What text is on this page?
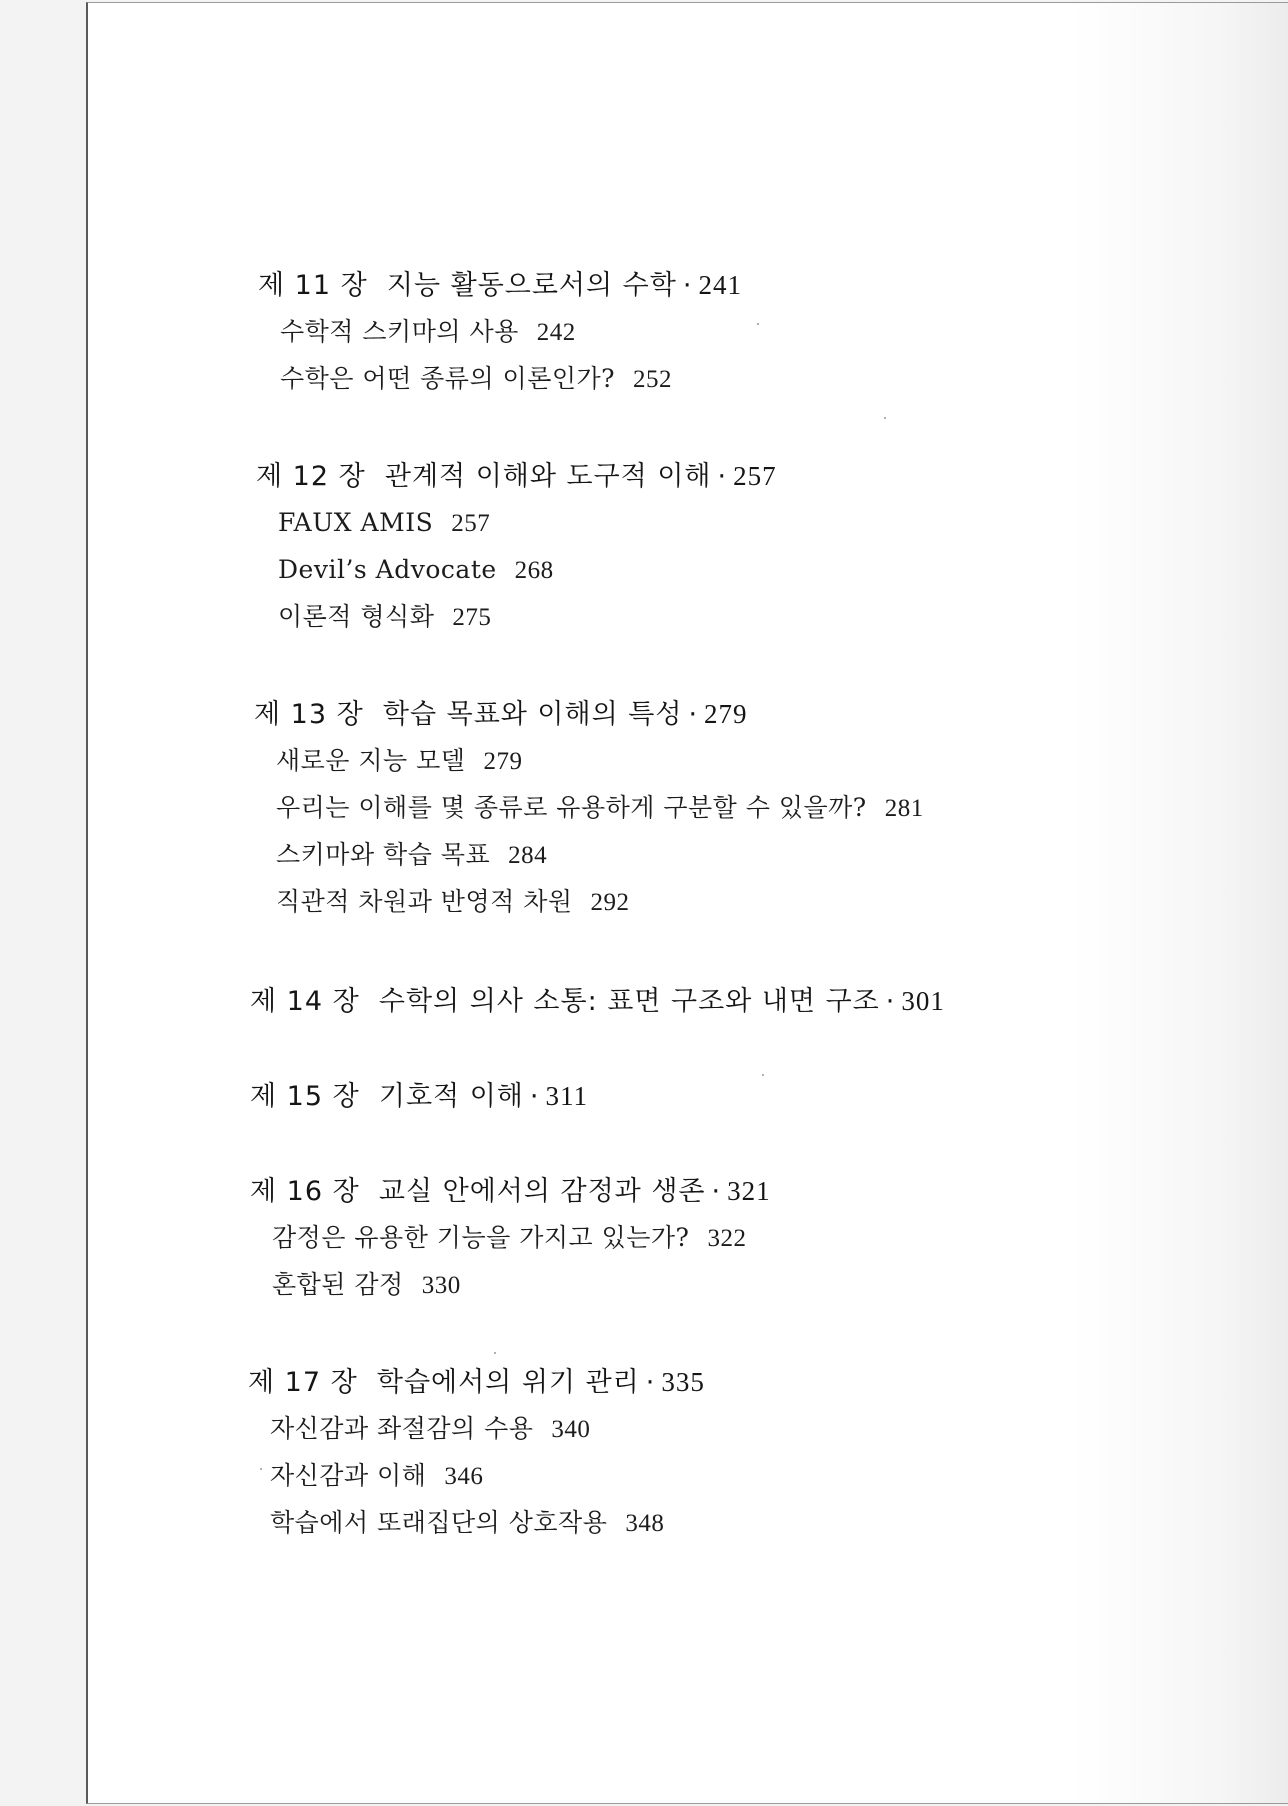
제 11 장 지능 활동으로서의 수학 · 241
수학적 스키마의 사용 242
수학은 어떤 종류의 이론인가? 252
제 12 장 관계적 이해와 도구적 이해 · 257
FAUX AMIS 257
Devil’s Advocate 268
이론적 형식화 275
제 13 장 학습 목표와 이해의 특성 · 279
새로운 지능 모델 279
우리는 이해를 몇 종류로 유용하게 구분할 수 있을까? 281
스키마와 학습 목표 284
직관적 차원과 반영적 차원 292
제 14 장 수학의 의사 소통: 표면 구조와 내면 구조 · 301
제 15 장 기호적 이해 · 311
제 16 장 교실 안에서의 감정과 생존 · 321
감정은 유용한 기능을 가지고 있는가? 322
혼합된 감정 330
제 17 장 학습에서의 위기 관리 · 335
자신감과 좌절감의 수용 340
자신감과 이해 346
학습에서 또래집단의 상호작용 348
